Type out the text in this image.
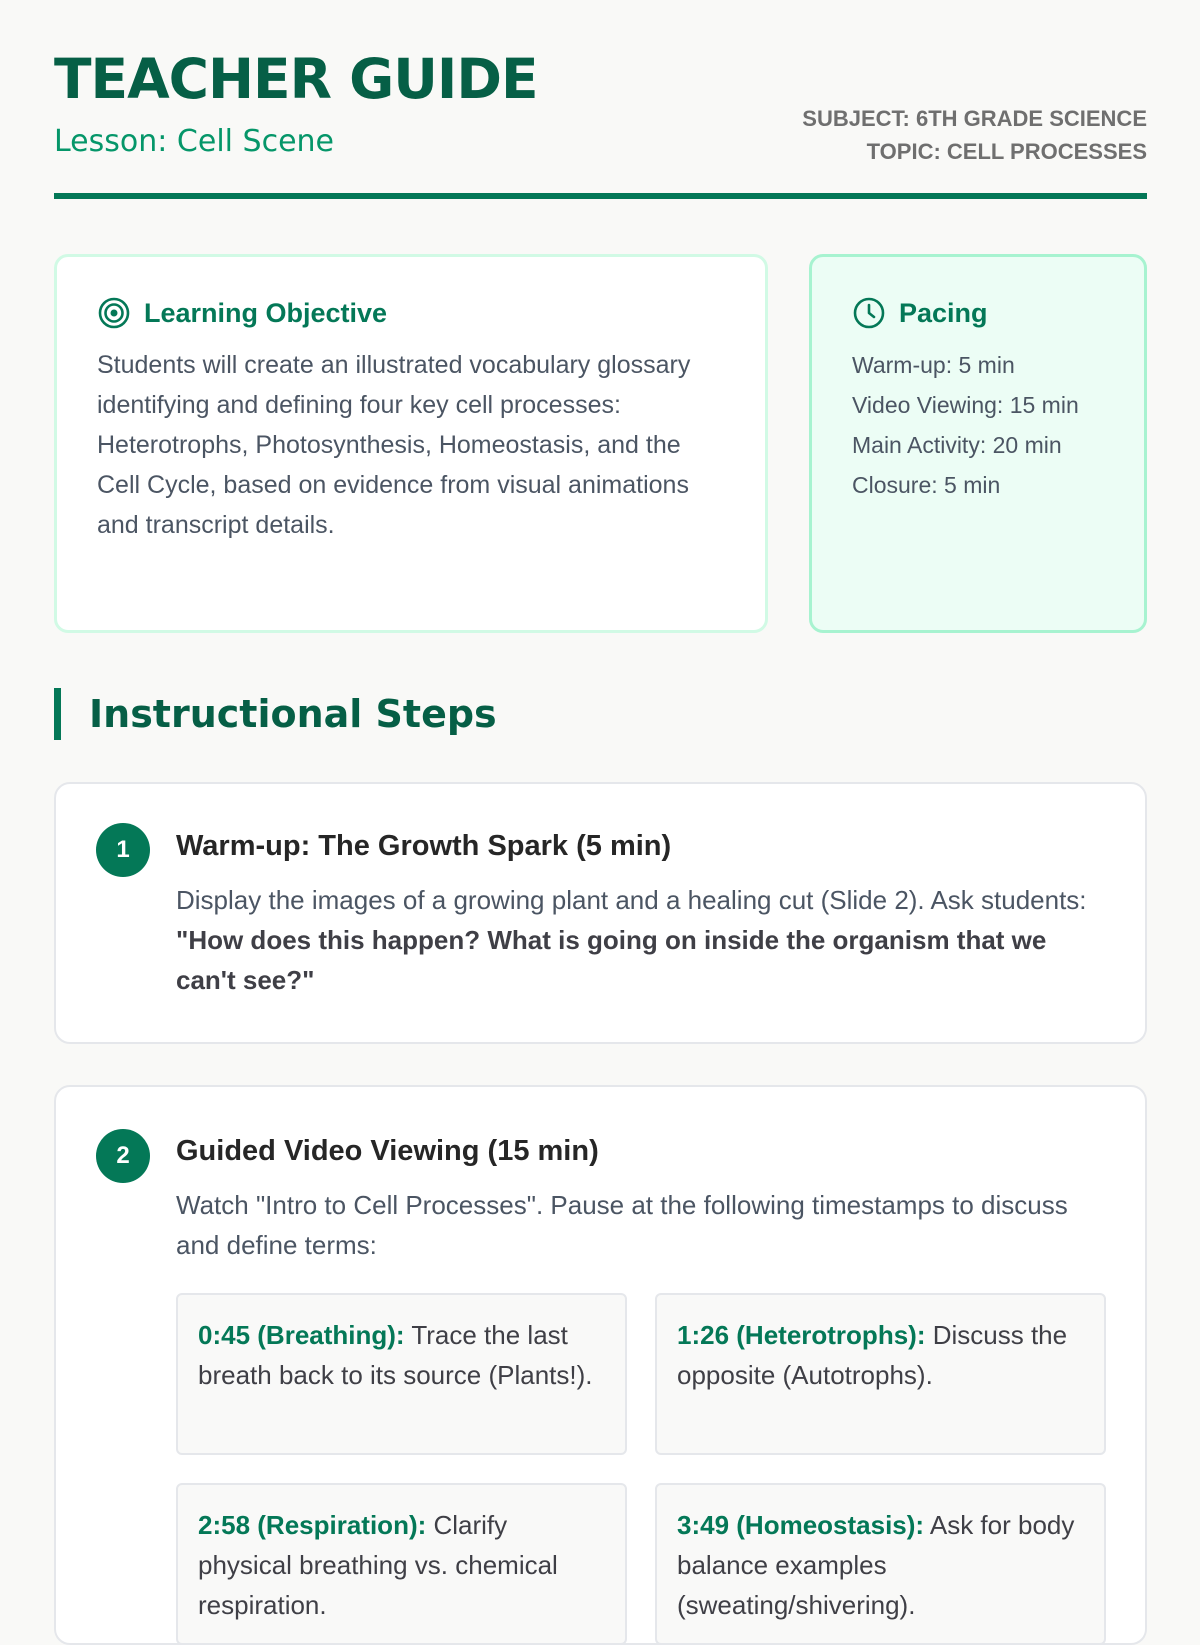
TEACHER GUIDE
Lesson: Cell Scene
SUBJECT: 6TH GRADE SCIENCE
TOPIC: CELL PROCESSES
Learning Objective
Students will create an illustrated vocabulary glossary identifying and defining four key cell processes: Heterotrophs, Photosynthesis, Homeostasis, and the Cell Cycle, based on evidence from visual animations and transcript details.
Pacing
Warm-up: 5 min
Video Viewing: 15 min
Main Activity: 20 min
Closure: 5 min
Instructional Steps
1	Warm-up: The Growth Spark (5 min)

Display the images of a growing plant and a healing cut (Slide 2). Ask students: "How does this happen? What is going on inside the organism that we can't see?"

2	Guided Video Viewing (15 min)

Watch "Intro to Cell Processes". Pause at the following timestamps to discuss and define terms:

0:45 (Breathing): Trace the last breath back to its source (Plants!).
1:26 (Heterotrophs): Discuss the opposite (Autotrophs).
2:58 (Respiration): Clarify physical breathing vs. chemical respiration.
3:49 (Homeostasis): Ask for body balance examples (sweating/shivering).
